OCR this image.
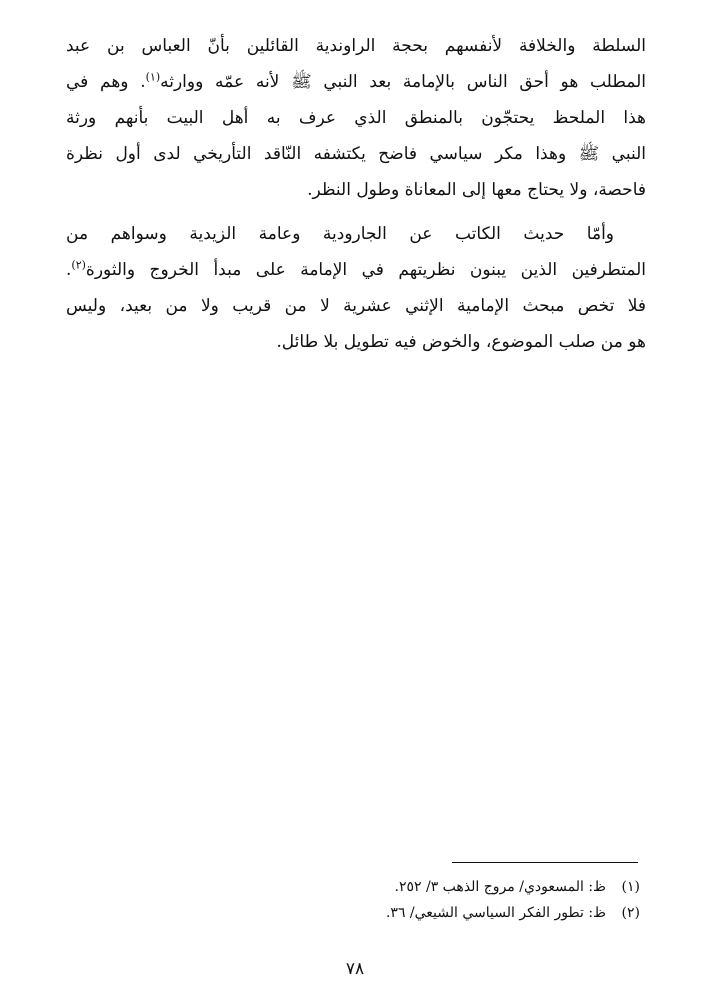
السلطة والخلافة لأنفسهم بحجة الراوندية القائلين بأنّ العباس بن عبد
المطلب هو أحق الناس بالإمامة بعد النبي ﷺ لأنه عمّه ووارثه$^{(١)}$. وهم في
هذا الملحظ يحتجّون بالمنطق الذي عرف به أهل البيت بأنهم ورثة
النبي ﷺ وهذا مكر سياسي فاضح يكتشفه النّاقد التأريخي لدى أول نظرة
فاحصة، ولا يحتاج معها إلى المعاناة وطول النظر.

وأمّا حديث الكاتب عن الجارودية وعامة الزيدية وسواهم من
المتطرفين الذين يبنون نظريتهم في الإمامة على مبدأ الخروج والثورة$^{(٢)}$.
فلا تخص مبحث الإمامية الإثني عشرية لا من قريب ولا من بعيد، وليس
هو من صلب الموضوع، والخوض فيه تطويل بلا طائل.

(١)
ظ: المسعودي/ مروج الذهب ٣/ ٢٥٢.
(٢)
ظ: تطور الفكر السياسي الشيعي/ ٣٦.
٧٨
